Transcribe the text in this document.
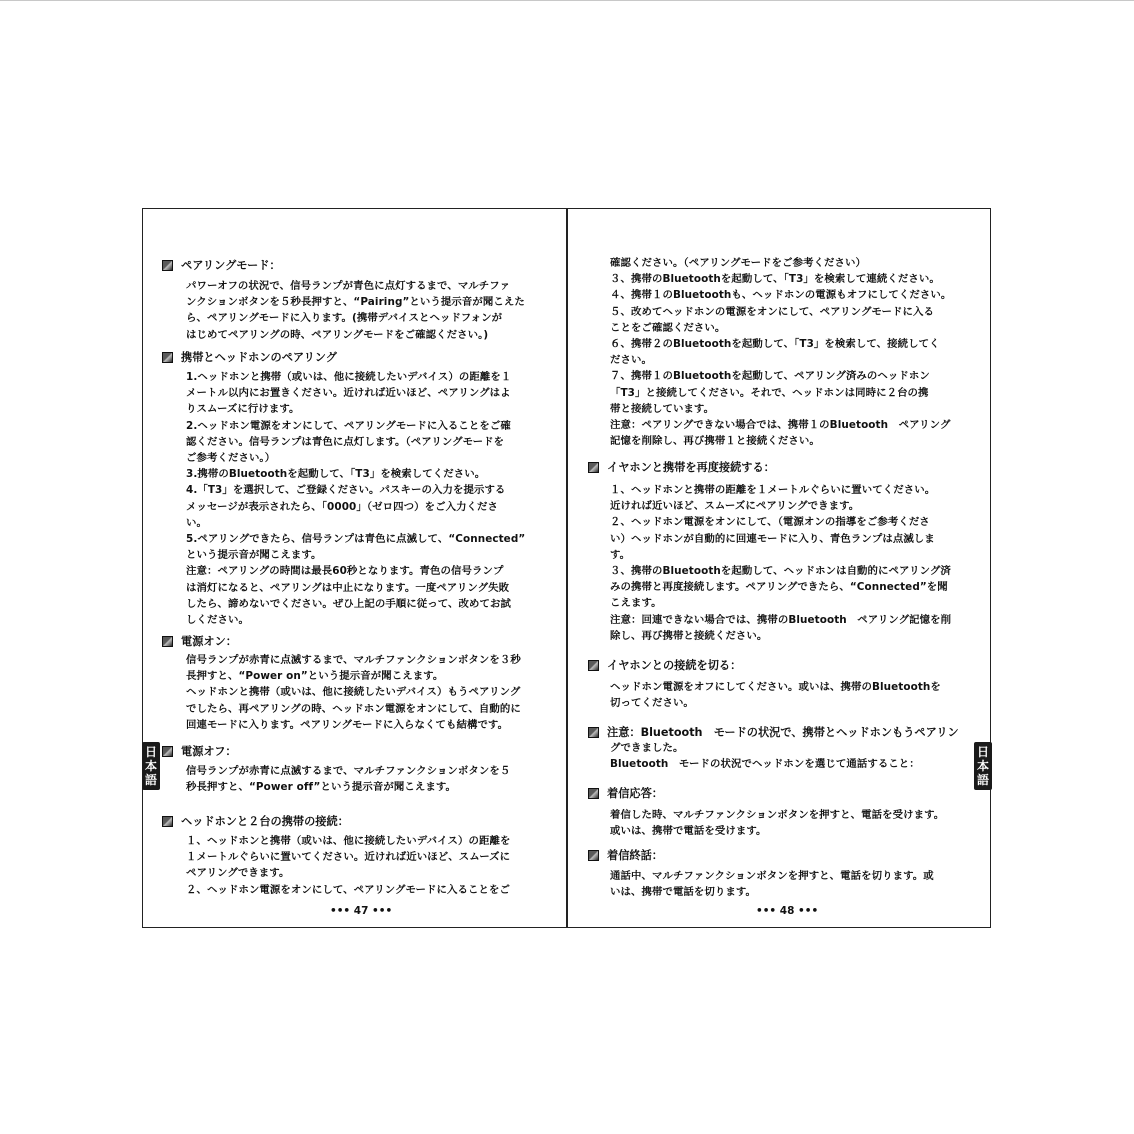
ペアリングモード：
パワーオフの状況で、信号ランプが青色に点灯するまで、マルチファ
ンクションボタンを５秒長押すと、“Pairing”という提示音が聞こえた
ら、ペアリングモードに入ります。(携帯デバイスとヘッドフォンが
はじめてペアリングの時、ペアリングモードをご確認ください。)
携帯とヘッドホンのペアリング
1.ヘッドホンと携帯（或いは、他に接続したいデバイス）の距離を１
メートル以内にお置きください。近ければ近いほど、ペアリングはよ
りスムーズに行けます。
2.ヘッドホン電源をオンにして、ペアリングモードに入ることをご確
認ください。信号ランプは青色に点灯します。（ペアリングモードを
ご参考ください。）
3.携帯のBluetoothを起動して、「T3」を検索してください。
4.「T3」を選択して、ご登録ください。パスキーの入力を提示する
メッセージが表示されたら、「0000」（ゼロ四つ）をご入力くださ
い。
5.ペアリングできたら、信号ランプは青色に点滅して、“Connected”
という提示音が聞こえます。
注意：ペアリングの時間は最長60秒となります。青色の信号ランプ
は消灯になると、ペアリングは中止になります。一度ペアリング失敗
したら、諦めないでください。ぜひ上記の手順に従って、改めてお試
しください。
電源オン：
信号ランプが赤青に点滅するまで、マルチファンクションボタンを３秒
長押すと、“Power on”という提示音が聞こえます。
ヘッドホンと携帯（或いは、他に接続したいデバイス）もうペアリング
でしたら、再ペアリングの時、ヘッドホン電源をオンにして、自動的に
回連モードに入ります。ペアリングモードに入らなくても結構です。
電源オフ：
信号ランプが赤青に点滅するまで、マルチファンクションボタンを５
秒長押すと、“Power off”という提示音が聞こえます。
ヘッドホンと２台の携帯の接続：
１、ヘッドホンと携帯（或いは、他に接続したいデバイス）の距離を
１メートルぐらいに置いてください。近ければ近いほど、スムーズに
ペアリングできます。
２、ヘッドホン電源をオンにして、ペアリングモードに入ることをご
確認ください。（ペアリングモードをご参考ください）
３、携帯のBluetoothを起動して、「T3」を検索して連続ください。
４、携帯１のBluetoothも、ヘッドホンの電源もオフにしてください。
５、改めてヘッドホンの電源をオンにして、ペアリングモードに入る
ことをご確認ください。
６、携帯２のBluetoothを起動して、「T3」を検索して、接続してく
ださい。
７、携帯１のBluetoothを起動して、ペアリング済みのヘッドホン
「T3」と接続してください。それで、ヘッドホンは同時に２台の携
帯と接続しています。
注意：ペアリングできない場合では、携帯１のBluetooth　ペアリング
記憶を削除し、再び携帯１と接続ください。
イヤホンと携帯を再度接続する：
１、ヘッドホンと携帯の距離を１メートルぐらいに置いてください。
近ければ近いほど、スムーズにペアリングできます。
２、ヘッドホン電源をオンにして、（電源オンの指導をご参考くださ
い）ヘッドホンが自動的に回連モードに入り、青色ランプは点滅しま
す。
３、携帯のBluetoothを起動して、ヘッドホンは自動的にペアリング済
みの携帯と再度接続します。ペアリングできたら、“Connected”を聞
こえます。
注意：回連できない場合では、携帯のBluetooth　ペアリング記憶を削
除し、再び携帯と接続ください。
イヤホンとの接続を切る：
ヘッドホン電源をオフにしてください。或いは、携帯のBluetoothを
切ってください。
注意：Bluetooth　モードの状況で、携帯とヘッドホンもうペアリン
グできました。
Bluetooth　モードの状況でヘッドホンを選じて通話すること：
着信応答：
着信した時、マルチファンクションボタンを押すと、電話を受けます。
或いは、携帯で電話を受けます。
着信終話：
通話中、マルチファンクションボタンを押すと、電話を切ります。或
いは、携帯で電話を切ります。
••• 47 •••	••• 48 •••
日
本
語
日
本
語
